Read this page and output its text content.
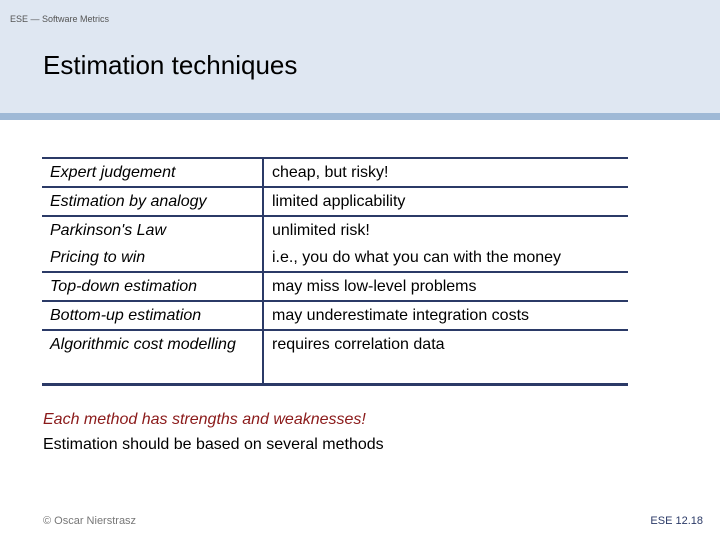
ESE — Software Metrics
Estimation techniques
Expert judgement	cheap, but risky!
Estimation by analogy	limited applicability
Parkinson's Law	unlimited risk!
Pricing to win	i.e., you do what you can with the money
Top-down estimation	may miss low-level problems
Bottom-up estimation	may underestimate integration costs
Algorithmic cost modelling	requires correlation data
Each method has strengths and weaknesses!
Estimation should be based on several methods
© Oscar Nierstrasz	ESE 12.18
